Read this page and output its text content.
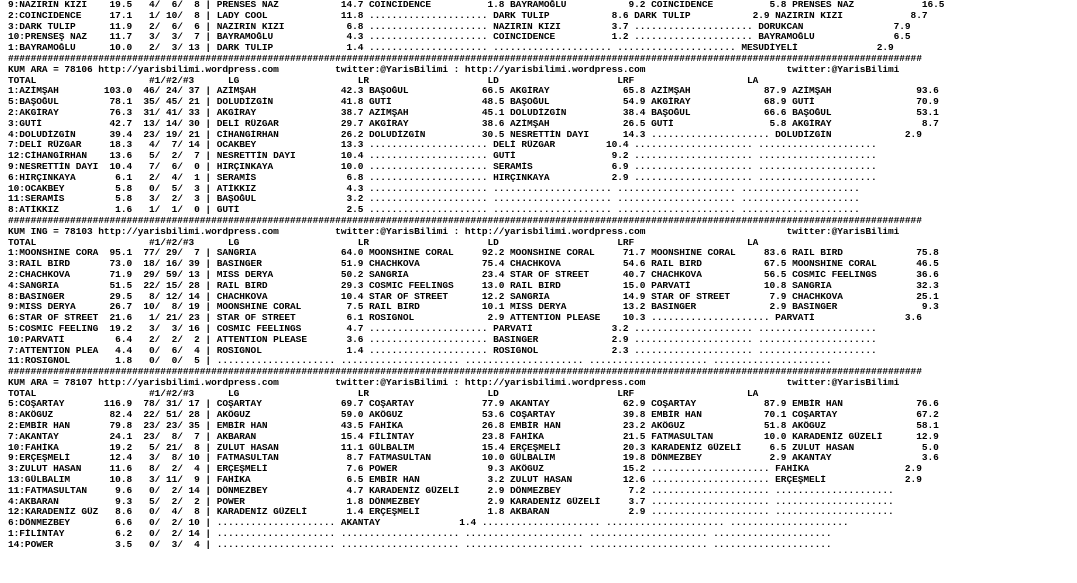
9:NAZIRIN KIZI    19.5   4/  6/  8 | PRENSES NAZ           14.7 COINCIDENCE          1.8 BAYRAMOĞLU           9.2 COINCIDENCE          5.8 PRENSES NAZ            16.5
2:COINCIDENCE     17.1   1/ 10/  8 | LADY COOL             11.8 ..................... DARK TULIP           8.6 DARK TULIP           2.9 NAZIRIN KIZI            8.7
3:DARK TULIP      11.9   2/  6/  6 | NAZIRIN KIZI           6.8 ..................... NAZIRIN KIZI         3.7 ..................... DORUKCAN                7.9
10:PRENSEŞ NAZ    11.7   3/  3/  7 | BAYRAMOĞLU             4.3 ..................... COINCIDENCE          1.2 ..................... BAYRAMOĞLU              6.5
1:BAYRAMOĞLU      10.0   2/  3/ 13 | DARK TULIP             1.4 ..................... ..................... ..................... MESUDİYELİ              2.9
##################################################################################################################################################################
KUM ARA = 78106 http://yarisbilimi.wordpress.com          twitter:@YarisBilimi : http://yarisbilimi.wordpress.com                         twitter:@YarisBilimi
TOTAL                    #1/#2/#3      LG                     LR                     LD                     LRF                    LA
1:AZİMŞAH        103.0  46/ 24/ 37 | AZİMŞAH               42.3 BAŞOĞUL             66.5 AKGİRAY             65.8 AZİMŞAH             87.9 AZİMŞAH               93.6
5:BAŞOĞUL         78.1  35/ 45/ 21 | DOLUDİZGİN            41.8 GUTİ                48.5 BAŞOĞUL             54.9 AKGİRAY             68.9 GUTİ                  70.9
2:AKGİRAY         76.3  31/ 41/ 33 | AKGİRAY               38.7 AZİMŞAH             45.1 DOLUDİZGİN          38.4 BAŞOĞUL             66.6 BAŞOĞUL               53.1
3:GUTİ            42.7  13/ 14/ 30 | DELİ RÜZGAR           29.7 AKGİRAY             38.6 AZİMŞAH             26.5 GUTİ                 5.8 AKGİRAY                8.7
4:DOLUDİZGİN      39.4  23/ 19/ 21 | CİHANGİRHAN           26.2 DOLUDİZGİN          30.5 NESRETTİN DAYI      14.3 ..................... DOLUDİZGİN             2.9
7:DELİ RÜZGAR     18.3   4/  7/ 14 | OCAKBEY               13.3 ..................... DELİ RÜZGAR         10.4 ..................... .....................
12:CİHANGİRHAN    13.6   5/  2/  7 | NESRETTİN DAYI        10.4 ..................... GUTİ                 9.2 ..................... .....................
9:NESRETTİN DAYI  10.4   7/  6/  0 | HIRÇINKAYA            10.0 ..................... SERAMİS              6.9 ..................... .....................
6:HIRÇINKAYA       6.1   2/  4/  1 | SERAMİS                6.8 ..................... HIRÇINKAYA           2.9 ..................... .....................
10:OCAKBEY         5.8   0/  5/  3 | ATİKKIZ                4.3 ..................... ..................... ..................... .....................
11:SERAMİS         5.8   3/  2/  3 | BAŞOĞUL                3.2 ..................... ..................... ..................... .....................
8:ATİKKIZ          1.6   1/  1/  0 | GUTİ                   2.5 ..................... ..................... ..................... .....................
##################################################################################################################################################################
KUM ING = 78103 http://yarisbilimi.wordpress.com          twitter:@YarisBilimi : http://yarisbilimi.wordpress.com                         twitter:@YarisBilimi
TOTAL                    #1/#2/#3      LG                     LR                     LD                     LRF                    LA
1:MOONSHINE CORA  95.1  77/ 29/  7 | SANGRIA               64.0 MOONSHINE CORAL     92.2 MOONSHINE CORAL     71.7 MOONSHINE CORAL     83.6 RAIL BIRD             75.8
3:RAIL BIRD       73.0  18/ 16/ 39 | BASINGER              51.9 CHACHKOVA           75.4 CHACHKOVA           54.6 RAIL BIRD           67.5 MOONSHINE CORAL       46.5
2:CHACHKOVA       71.9  29/ 59/ 13 | MISS DERYA            50.2 SANGRIA             23.4 STAR OF STREET      40.7 CHACHKOVA           56.5 COSMIC FEELINGS       36.6
4:SANGRIA         51.5  22/ 15/ 28 | RAIL BIRD             29.3 COSMIC FEELINGS     13.0 RAIL BIRD           15.0 PARVATİ             10.8 SANGRIA               32.3
8:BASINGER        29.5   8/ 12/ 14 | CHACHKOVA             10.4 STAR OF STREET      12.2 SANGRIA             14.9 STAR OF STREET       7.9 CHACHKOVA             25.1
9:MISS DERYA      26.7  10/  8/ 19 | MOONSHINE CORAL        7.5 RAIL BIRD           10.1 MISS DERYA          13.2 BASINGER             2.9 BASINGER               9.3
6:STAR OF STREET  21.6   1/ 21/ 23 | STAR OF STREET         6.1 ROSIGNOL             2.9 ATTENTION PLEASE    10.3 ..................... PARVATİ                3.6
5:COSMIC FEELING  19.2   3/  3/ 16 | COSMIC FEELINGS        4.7 ..................... PARVATİ              3.2 ..................... .....................
10:PARVATİ         6.4   2/  2/  2 | ATTENTION PLEASE       3.6 ..................... BASINGER             2.9 ..................... .....................
7:ATTENTION PLEA   4.4   0/  6/  4 | ROSIGNOL               1.4 ..................... ROSIGNOL             2.3 ..................... .....................
11:ROSIGNOL        1.8   0/  0/  5 | ..................... ..................... ..................... ..................... .....................
##################################################################################################################################################################
KUM ARA = 78107 http://yarisbilimi.wordpress.com          twitter:@YarisBilimi : http://yarisbilimi.wordpress.com                         twitter:@YarisBilimi
TOTAL                    #1/#2/#3      LG                     LR                     LD                     LRF                    LA
5:COŞARTAY       116.9  78/ 31/ 17 | COŞARTAY              69.7 COŞARTAY            77.9 AKANTAY             62.9 COŞARTAY            87.9 EMBİR HAN             76.6
8:AKÖGUZ          82.4  22/ 51/ 28 | AKÖGUZ                59.0 AKÖGUZ              53.6 COŞARTAY            39.8 EMBİR HAN           70.1 COŞARTAY              67.2
2:EMBİR HAN       79.8  23/ 23/ 35 | EMBİR HAN             43.5 FAHİKA              26.8 EMBİR HAN           23.2 AKÖGUZ              51.8 AKÖGUZ                58.1
7:AKANTAY         24.1  23/  8/  7 | AKBARAN               15.4 FİLİNTAY            23.8 FAHİKA              21.5 FATMASULTAN         10.0 KARADENİZ GÜZELİ      12.9
10:FAHİKA         19.2   5/ 21/  8 | ZULUT HASAN           11.1 GÜLBALIM            15.4 ERÇEŞMELİ           20.3 KARADENİZ GÜZELİ     6.5 ZULUT HASAN            5.0
9:ERÇEŞMELİ       12.4   3/  8/ 10 | FATMASULTAN            8.7 FATMASULTAN         10.0 GÜLBALIM            19.8 DÖNMEZBEY            2.9 AKANTAY                3.6
3:ZULUT HASAN     11.6   8/  2/  4 | ERÇEŞMELİ              7.6 POWER                9.3 AKÖGUZ              15.2 ..................... FAHİKA                 2.9
13:GÜLBALIM       10.8   3/ 11/  9 | FAHİKA                 6.5 EMBİR HAN            3.2 ZULUT HASAN         12.6 ..................... ERÇEŞMELİ              2.9
11:FATMASULTAN     9.6   0/  2/ 14 | DÖNMEZBEY              4.7 KARADENİZ GÜZELİ     2.9 DÖNMEZBEY            7.2 ..................... .....................
4:AKBARAN          9.3   5/  2/  2 | POWER                  1.8 DÖNMEZBEY            2.9 KARADENİZ GÜZELİ     3.7 ..................... .....................
12:KARADENİZ GÜZ   8.6   0/  4/  8 | KARADENİZ GÜZELİ       1.4 ERÇEŞMELİ            1.8 AKBARAN              2.9 ..................... .....................
6:DÖNMEZBEY        6.6   0/  2/ 10 | ..................... AKANTAY              1.4 ..................... ..................... .....................
1:FİLİNTAY         6.2   0/  2/ 14 | ..................... ..................... ..................... ..................... .....................
14:POWER           3.5   0/  3/  4 | ..................... ..................... ..................... ..................... .....................
